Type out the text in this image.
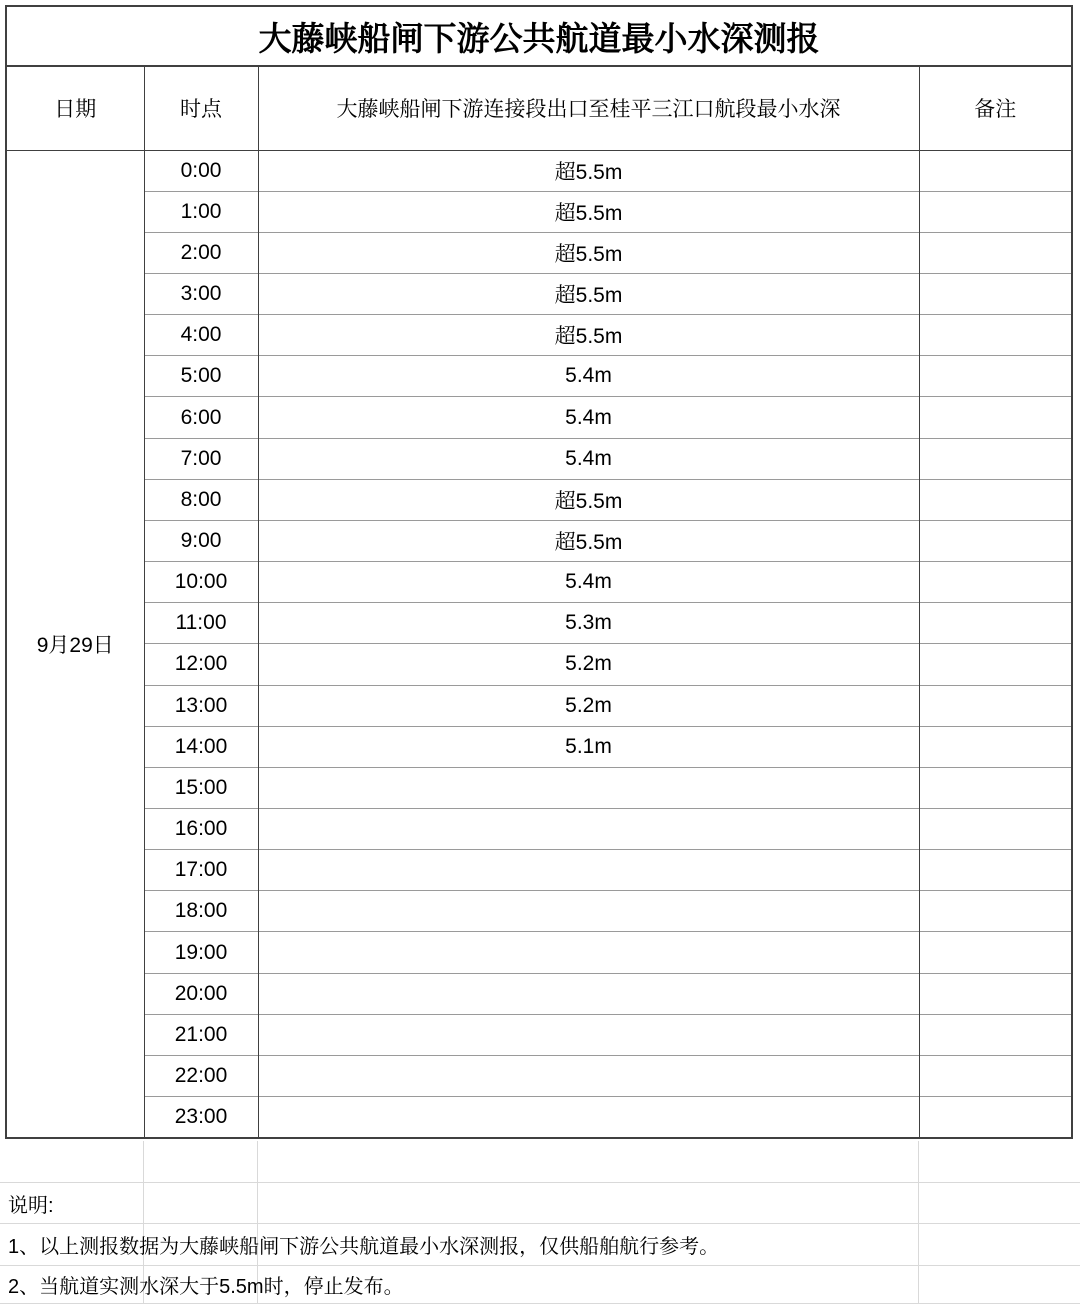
大藤峡船闸下游公共航道最小水深测报			
日期	时点	大藤峡船闸下游连接段出口至桂平三江口航段最小水深	备注
9月29日	0:00	超5.5m	
	1:00	超5.5m	
	2:00	超5.5m	
	3:00	超5.5m	
	4:00	超5.5m	
	5:00	5.4m	
	6:00	5.4m	
	7:00	5.4m	
	8:00	超5.5m	
	9:00	超5.5m	
	10:00	5.4m	
	11:00	5.3m	
	12:00	5.2m	
	13:00	5.2m	
	14:00	5.1m	
	15:00		
	16:00		
	17:00		
	18:00		
	19:00		
	20:00		
	21:00		
	22:00		
	23:00		
说明:
1、以上测报数据为大藤峡船闸下游公共航道最小水深测报，仅供船舶航行参考。
2、当航道实测水深大于5.5m时，停止发布。
